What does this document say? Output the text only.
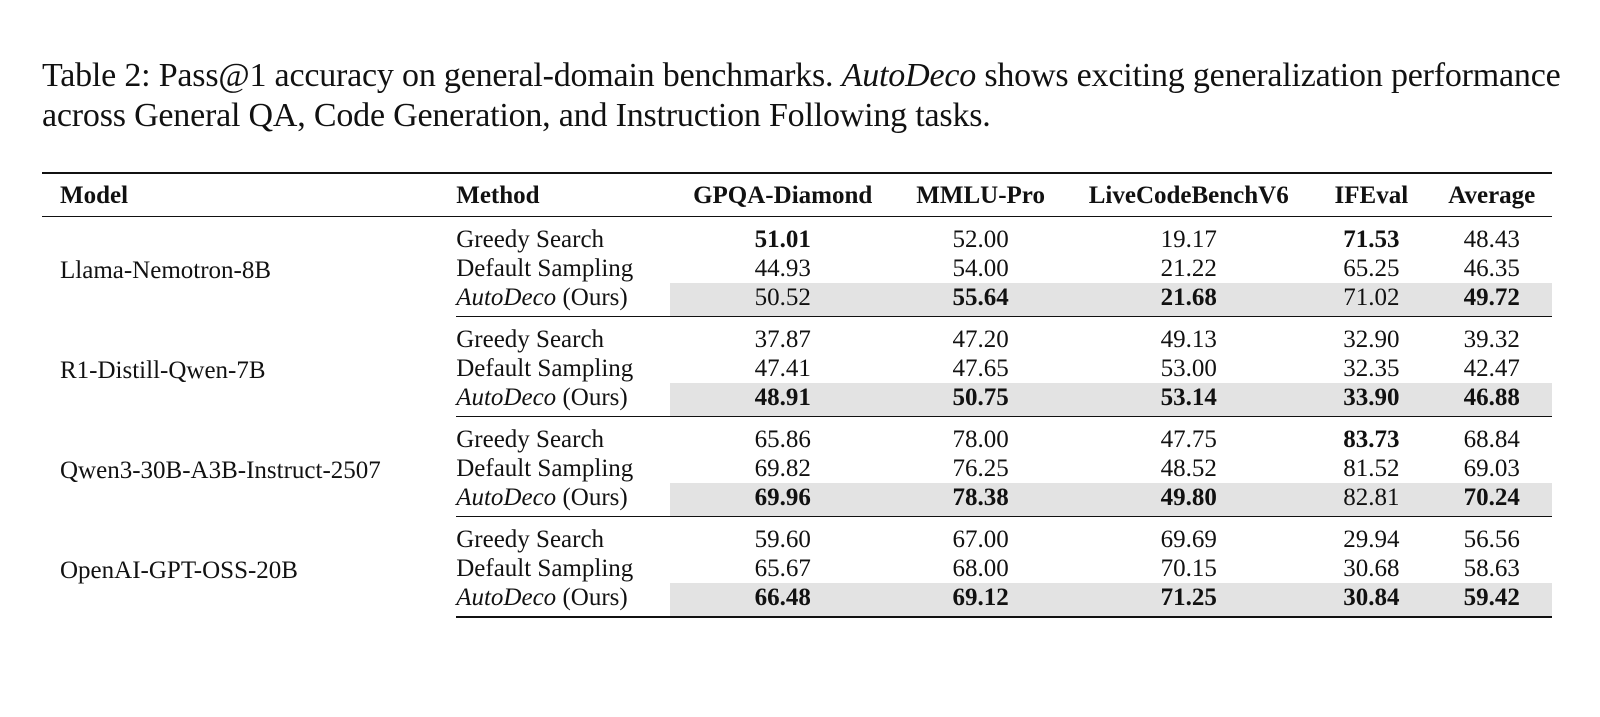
Table 2: Pass@1 accuracy on general-domain benchmarks. AutoDeco shows exciting generalization performance across General QA, Code Generation, and Instruction Following tasks.
Model	Method	GPQA-Diamond	MMLU-Pro	LiveCodeBenchV6	IFEval	Average
Llama-Nemotron-8B	Greedy Search	51.01	52.00	19.17	71.53	48.43
	Default Sampling	44.93	54.00	21.22	65.25	46.35
	AutoDeco (Ours)	50.52	55.64	21.68	71.02	49.72
R1-Distill-Qwen-7B	Greedy Search	37.87	47.20	49.13	32.90	39.32
	Default Sampling	47.41	47.65	53.00	32.35	42.47
	AutoDeco (Ours)	48.91	50.75	53.14	33.90	46.88
Qwen3-30B-A3B-Instruct-2507	Greedy Search	65.86	78.00	47.75	83.73	68.84
	Default Sampling	69.82	76.25	48.52	81.52	69.03
	AutoDeco (Ours)	69.96	78.38	49.80	82.81	70.24
OpenAI-GPT-OSS-20B	Greedy Search	59.60	67.00	69.69	29.94	56.56
	Default Sampling	65.67	68.00	70.15	30.68	58.63
	AutoDeco (Ours)	66.48	69.12	71.25	30.84	59.42
